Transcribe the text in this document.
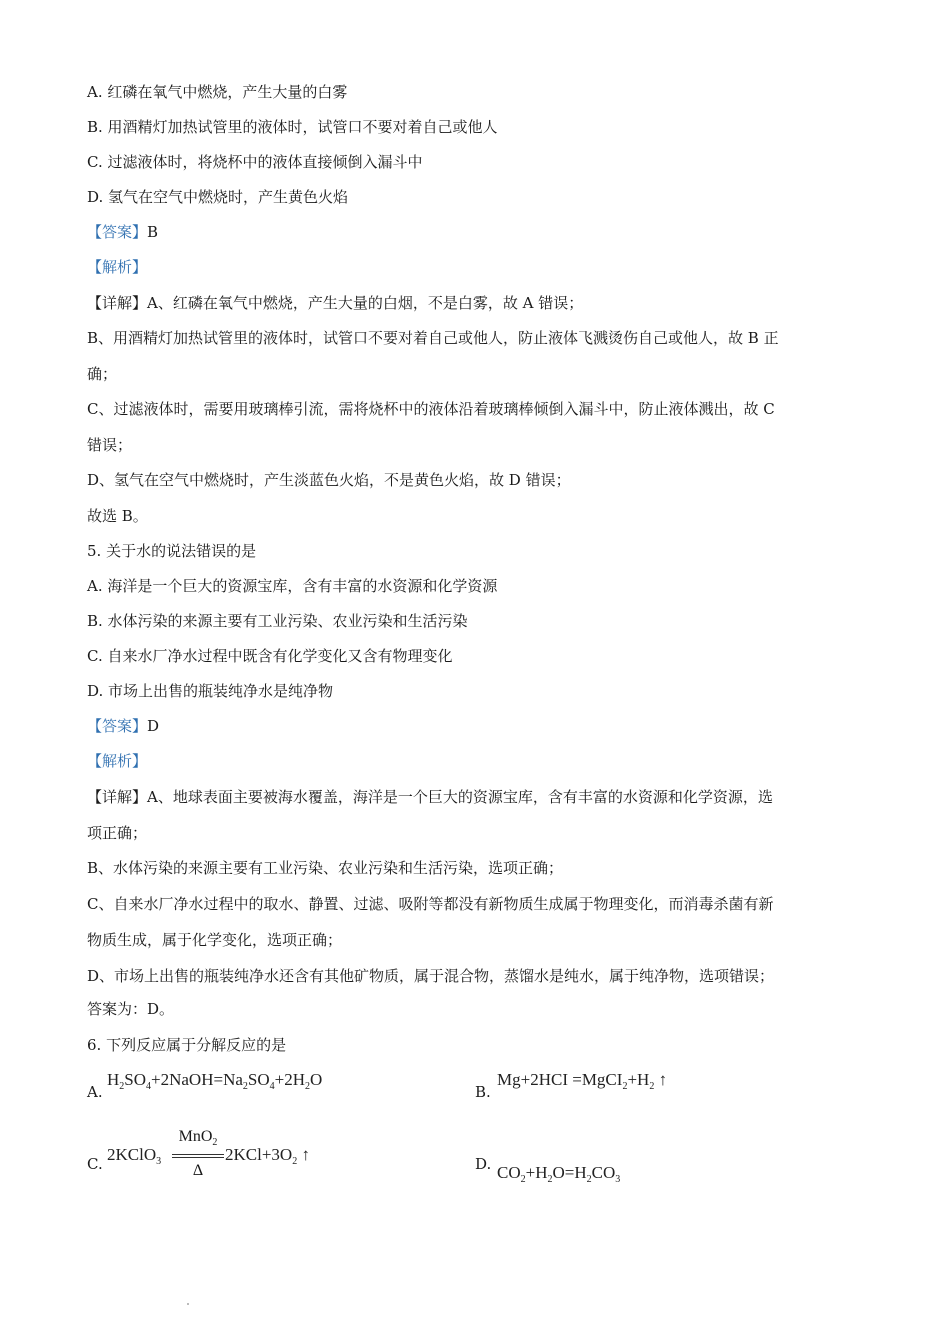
A. 红磷在氧气中燃烧，产生大量的白雾
B. 用酒精灯加热试管里的液体时，试管口不要对着自己或他人
C. 过滤液体时，将烧杯中的液体直接倾倒入漏斗中
D. 氢气在空气中燃烧时，产生黄色火焰
【答案】B
【解析】
【详解】A、红磷在氧气中燃烧，产生大量的白烟，不是白雾，故 A 错误；
B、用酒精灯加热试管里的液体时，试管口不要对着自己或他人，防止液体飞溅烫伤自己或他人，故 B 正
确；
C、过滤液体时，需要用玻璃棒引流，需将烧杯中的液体沿着玻璃棒倾倒入漏斗中，防止液体溅出，故 C
错误；
D、氢气在空气中燃烧时，产生淡蓝色火焰，不是黄色火焰，故 D 错误；
故选 B。
5. 关于水的说法错误的是
A. 海洋是一个巨大的资源宝库，含有丰富的水资源和化学资源
B. 水体污染的来源主要有工业污染、农业污染和生活污染
C. 自来水厂净水过程中既含有化学变化又含有物理变化
D. 市场上出售的瓶装纯净水是纯净物
【答案】D
【解析】
【详解】A、地球表面主要被海水覆盖，海洋是一个巨大的资源宝库，含有丰富的水资源和化学资源，选
项正确；
B、水体污染的来源主要有工业污染、农业污染和生活污染，选项正确；
C、自来水厂净水过程中的取水、静置、过滤、吸附等都没有新物质生成属于物理变化，而消毒杀菌有新
物质生成，属于化学变化，选项正确；
D、市场上出售的瓶装纯净水还含有其他矿物质，属于混合物，蒸馏水是纯水，属于纯净物，选项错误；
答案为：D。
6. 下列反应属于分解反应的是
A.
$H_2SO_4+2NaOH=Na_2SO_4+2H_2O$
B.
$Mg+2HCI =MgCI_2+H_2$ ↑
C. 2KClO$_3$
MnO$_2$
Δ
$2KCl+3O_2$ ↑	D. $CO_2+H_2O=H_2CO_3$
